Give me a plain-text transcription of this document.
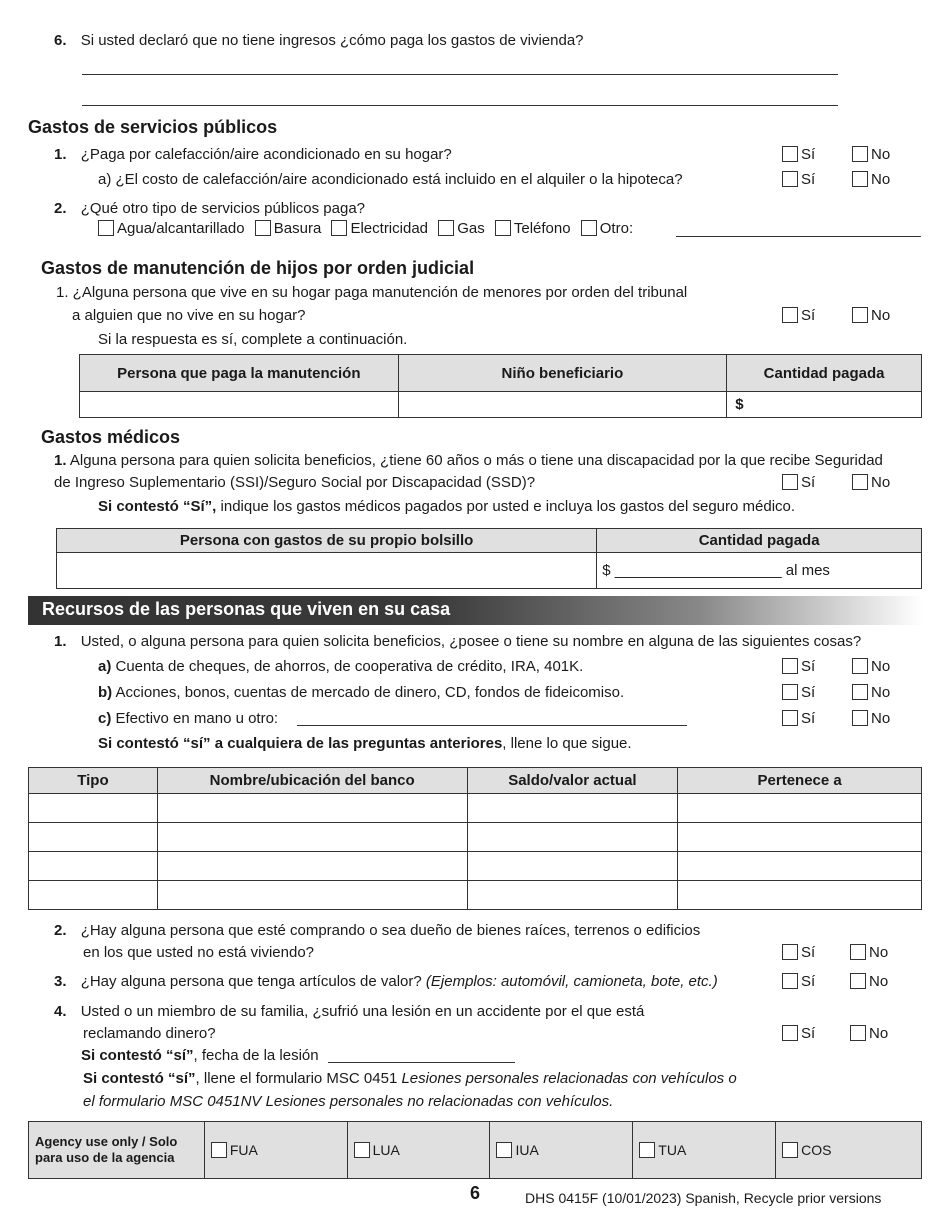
6. Si usted declaró que no tiene ingresos ¿cómo paga los gastos de vivienda?
Gastos de servicios públicos
1. ¿Paga por calefacción/aire acondicionado en su hogar?	Sí	No
a) ¿El costo de calefacción/aire acondicionado está incluido en el alquiler o la hipoteca?	Sí	No
2. ¿Qué otro tipo de servicios públicos paga?
Agua/alcantarillado Basura Electricidad Gas Teléfono Otro:
Gastos de manutención de hijos por orden judicial
1. ¿Alguna persona que vive en su hogar paga manutención de menores por orden del tribunal
a alguien que no vive en su hogar?	Sí	No
Si la respuesta es sí, complete a continuación.
Persona que paga la manutención	Niño beneficiario	Cantidad pagada
		$
Gastos médicos
1. Alguna persona para quien solicita beneficios, ¿tiene 60 años o más o tiene una discapacidad por la que recibe Seguridad
de Ingreso Suplementario (SSI)/Seguro Social por Discapacidad (SSD)?	Sí	No
Si contestó “Sí”, indique los gastos médicos pagados por usted e incluya los gastos del seguro médico.
Persona con gastos de su propio bolsillo	Cantidad pagada
	$ ____________________ al mes
Recursos de las personas que viven en su casa
1. Usted, o alguna persona para quien solicita beneficios, ¿posee o tiene su nombre en alguna de las siguientes cosas?
a) Cuenta de cheques, de ahorros, de cooperativa de crédito, IRA, 401K.	Sí	No
b) Acciones, bonos, cuentas de mercado de dinero, CD, fondos de fideicomiso.	Sí	No
c) Efectivo en mano u otro:	Sí	No
Si contestó “sí” a cualquiera de las preguntas anteriores, llene lo que sigue.
Tipo	Nombre/ubicación del banco	Saldo/valor actual	Pertenece a

2. ¿Hay alguna persona que esté comprando o sea dueño de bienes raíces, terrenos o edificios
en los que usted no está viviendo?	Sí	No
3. ¿Hay alguna persona que tenga artículos de valor? (Ejemplos: automóvil, camioneta, bote, etc.)	Sí	No
4. Usted o un miembro de su familia, ¿sufrió una lesión en un accidente por el que está
reclamando dinero?	Sí	No
Si contestó “sí”, fecha de la lesión
Si contestó “sí”, llene el formulario MSC 0451 Lesiones personales relacionadas con vehículos o
el formulario MSC 0451NV Lesiones personales no relacionadas con vehículos.
Agency use only / Solo
para uso de la agencia	FUA	LUA	IUA	TUA	COS
6	DHS 0415F (10/01/2023) Spanish, Recycle prior versions
